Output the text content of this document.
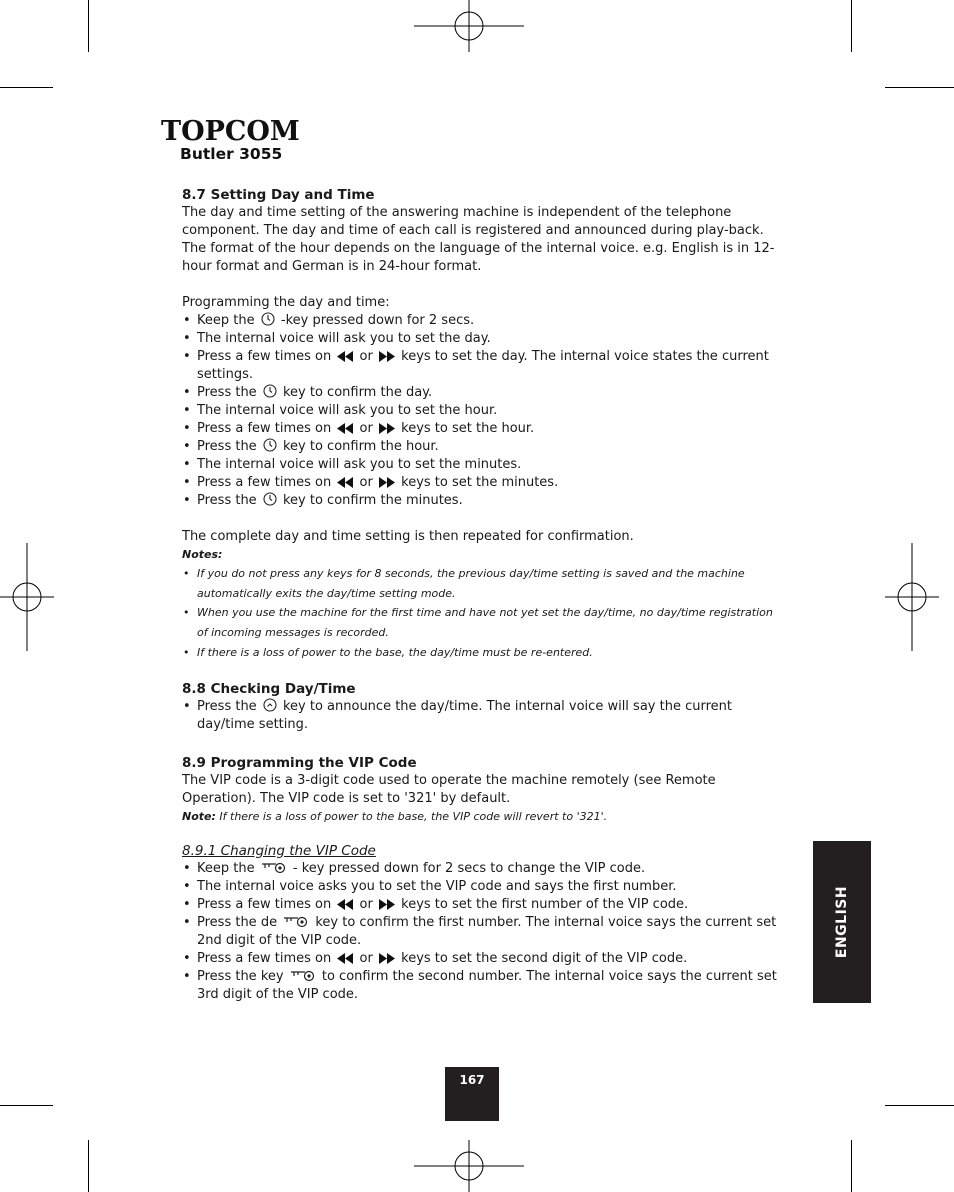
TOPCOM
Butler 3055

8.7 Setting Day and Time

The day and time setting of the answering machine is independent of the telephone component. The day and time of each call is registered and announced during play-back. The format of the hour depends on the language of the internal voice. e.g. English is in 12-hour format and German is in 24-hour format.

Programming the day and time:

• Keep the -key pressed down for 2 secs.
• The internal voice will ask you to set the day.
• Press a few times on or keys to set the day. The internal voice states the current settings.
• Press the key to confirm the day.
• The internal voice will ask you to set the hour.
• Press a few times on or keys to set the hour.
• Press the key to confirm the hour.
• The internal voice will ask you to set the minutes.
• Press a few times on or keys to set the minutes.
• Press the key to confirm the minutes.

The complete day and time setting is then repeated for confirmation.

Notes:

• If you do not press any keys for 8 seconds, the previous day/time setting is saved and the machine automatically exits the day/time setting mode.
• When you use the machine for the first time and have not yet set the day/time, no day/time registration of incoming messages is recorded.
• If there is a loss of power to the base, the day/time must be re-entered.

8.8 Checking Day/Time

• Press the key to announce the day/time. The internal voice will say the current day/time setting.

8.9 Programming the VIP Code

The VIP code is a 3-digit code used to operate the machine remotely (see Remote Operation). The VIP code is set to '321' by default.

Note: If there is a loss of power to the base, the VIP code will revert to '321'.

8.9.1 Changing the VIP Code

• Keep the	- key pressed down for 2 secs to change the VIP code.
• The internal voice asks you to set the VIP code and says the first number.
• Press a few times on or keys to set the first number of the VIP code.
• Press the de	key to confirm the first number. The internal voice says the current set 2nd digit of the VIP code.
• Press a few times on or keys to set the second digit of the VIP code.
• Press the key	to confirm the second number. The internal voice says the current set 3rd digit of the VIP code.
ENGLISH
167
